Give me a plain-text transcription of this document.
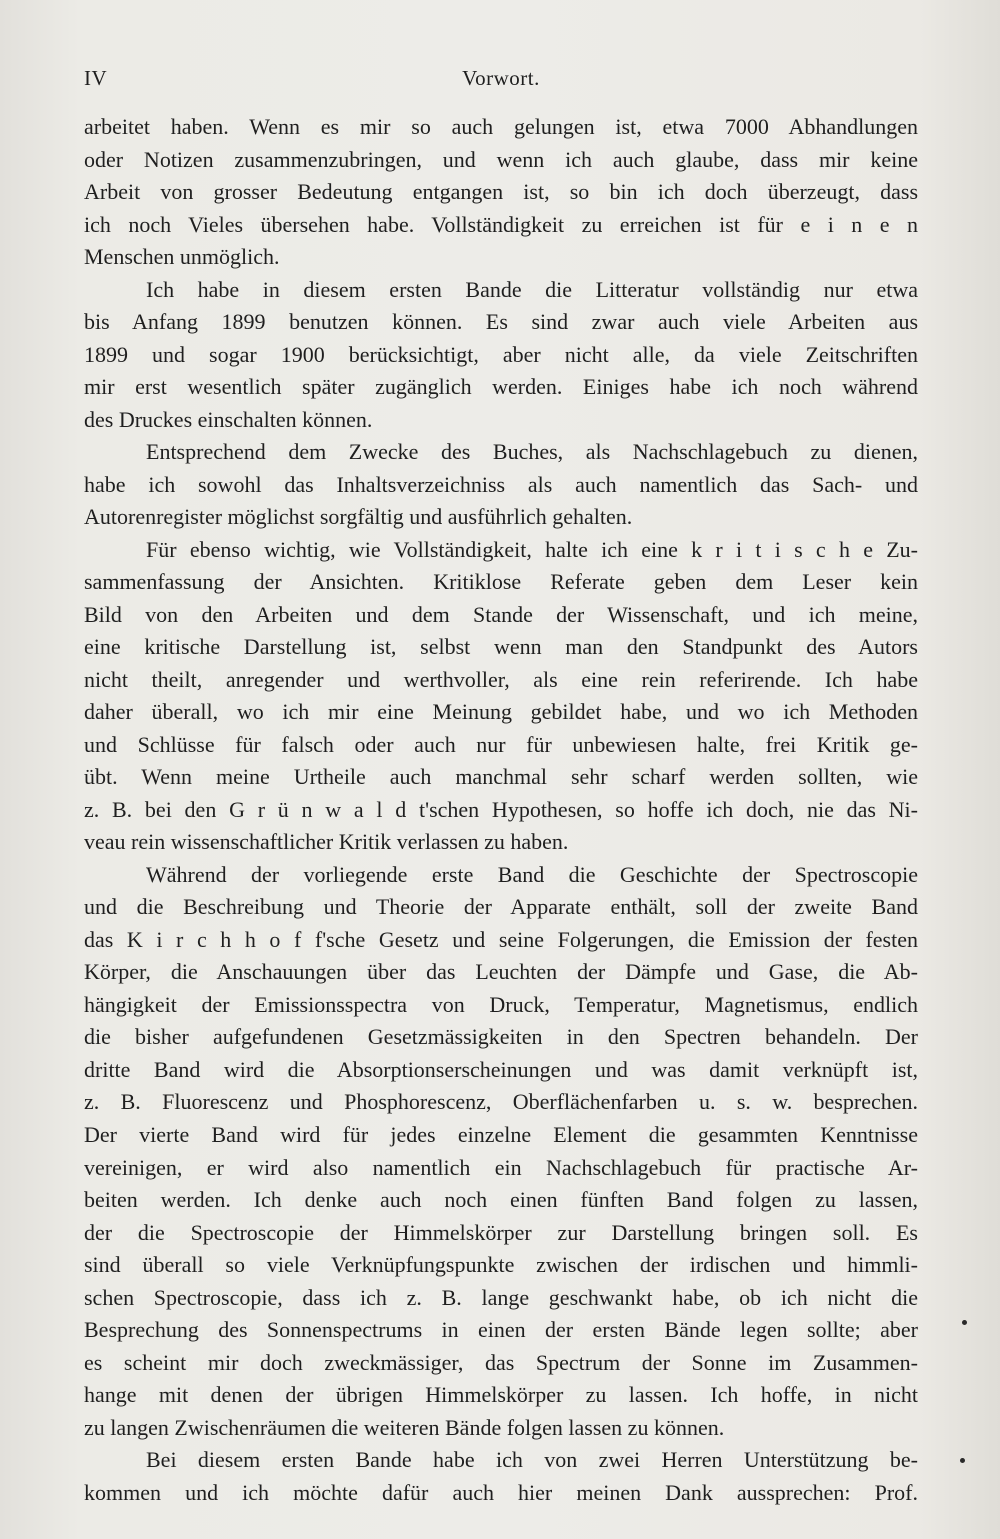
IV	Vorwort.
arbeitet haben. Wenn es mir so auch gelungen ist, etwa 7000 Abhandlungen
oder Notizen zusammenzubringen, und wenn ich auch glaube, dass mir keine
Arbeit von grosser Bedeutung entgangen ist, so bin ich doch überzeugt, dass
ich noch Vieles übersehen habe. Vollständigkeit zu erreichen ist für e i n e n
Menschen unmöglich.
Ich habe in diesem ersten Bande die Litteratur vollständig nur etwa
bis Anfang 1899 benutzen können. Es sind zwar auch viele Arbeiten aus
1899 und sogar 1900 berücksichtigt, aber nicht alle, da viele Zeitschriften
mir erst wesentlich später zugänglich werden. Einiges habe ich noch während
des Druckes einschalten können.
Entsprechend dem Zwecke des Buches, als Nachschlagebuch zu dienen,
habe ich sowohl das Inhaltsverzeichniss als auch namentlich das Sach- und
Autorenregister möglichst sorgfältig und ausführlich gehalten.
Für ebenso wichtig, wie Vollständigkeit, halte ich eine k r i t i s c h e Zu-
sammenfassung der Ansichten. Kritiklose Referate geben dem Leser kein
Bild von den Arbeiten und dem Stande der Wissenschaft, und ich meine,
eine kritische Darstellung ist, selbst wenn man den Standpunkt des Autors
nicht theilt, anregender und werthvoller, als eine rein referirende. Ich habe
daher überall, wo ich mir eine Meinung gebildet habe, und wo ich Methoden
und Schlüsse für falsch oder auch nur für unbewiesen halte, frei Kritik ge-
übt. Wenn meine Urtheile auch manchmal sehr scharf werden sollten, wie
z. B. bei den G r ü n w a l d t'schen Hypothesen, so hoffe ich doch, nie das Ni-
veau rein wissenschaftlicher Kritik verlassen zu haben.
Während der vorliegende erste Band die Geschichte der Spectroscopie
und die Beschreibung und Theorie der Apparate enthält, soll der zweite Band
das K i r c h h o f f'sche Gesetz und seine Folgerungen, die Emission der festen
Körper, die Anschauungen über das Leuchten der Dämpfe und Gase, die Ab-
hängigkeit der Emissionsspectra von Druck, Temperatur, Magnetismus, endlich
die bisher aufgefundenen Gesetzmässigkeiten in den Spectren behandeln. Der
dritte Band wird die Absorptionserscheinungen und was damit verknüpft ist,
z. B. Fluorescenz und Phosphorescenz, Oberflächenfarben u. s. w. besprechen.
Der vierte Band wird für jedes einzelne Element die gesammten Kenntnisse
vereinigen, er wird also namentlich ein Nachschlagebuch für practische Ar-
beiten werden. Ich denke auch noch einen fünften Band folgen zu lassen,
der die Spectroscopie der Himmelskörper zur Darstellung bringen soll. Es
sind überall so viele Verknüpfungspunkte zwischen der irdischen und himmli-
schen Spectroscopie, dass ich z. B. lange geschwankt habe, ob ich nicht die
Besprechung des Sonnenspectrums in einen der ersten Bände legen sollte; aber
es scheint mir doch zweckmässiger, das Spectrum der Sonne im Zusammen-
hange mit denen der übrigen Himmelskörper zu lassen. Ich hoffe, in nicht
zu langen Zwischenräumen die weiteren Bände folgen lassen zu können.
Bei diesem ersten Bande habe ich von zwei Herren Unterstützung be-
kommen und ich möchte dafür auch hier meinen Dank aussprechen: Prof.
